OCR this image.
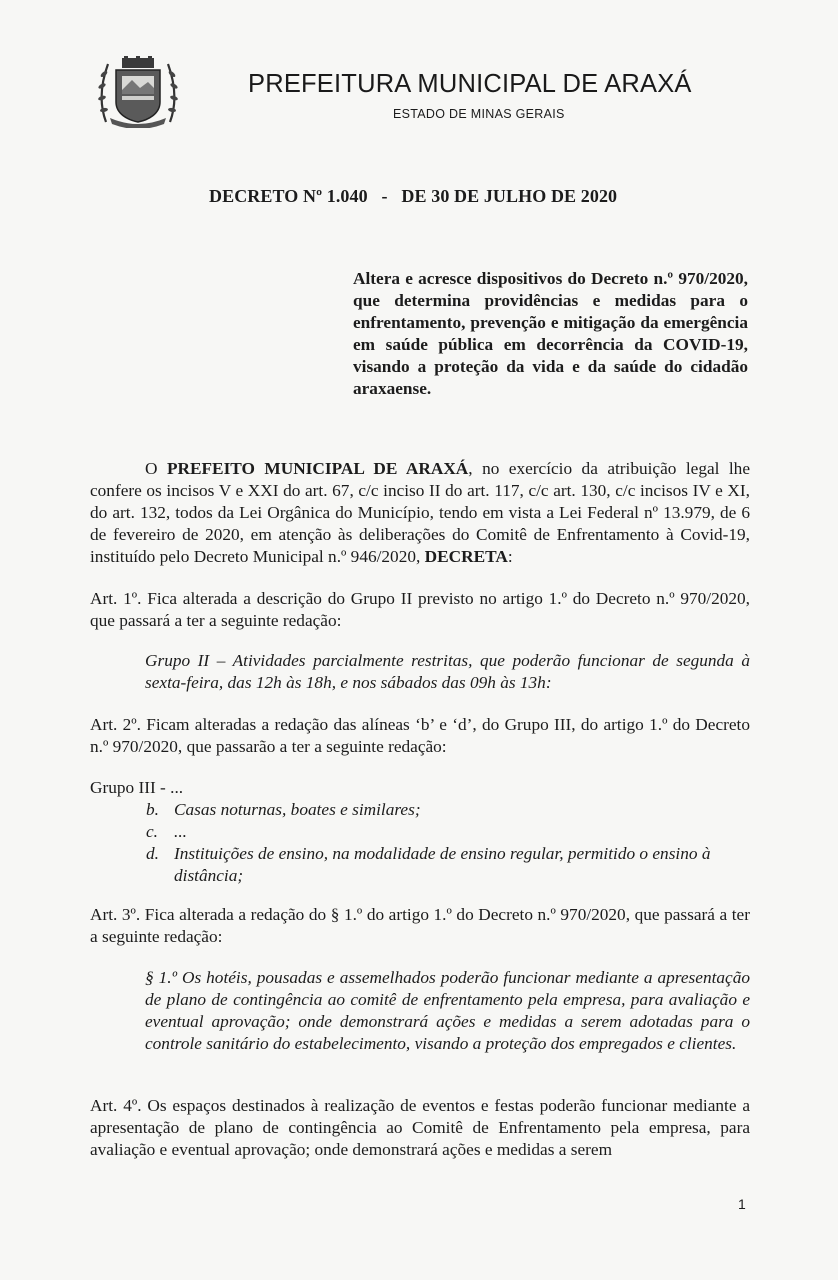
PREFEITURA MUNICIPAL DE ARAXÁ
ESTADO DE MINAS GERAIS
DECRETO Nº 1.040   -   DE 30 DE JULHO DE 2020
Altera e acresce dispositivos do Decreto n.º 970/2020, que determina providências e medidas para o enfrentamento, prevenção e mitigação da emergência em saúde pública em decorrência da COVID-19, visando a proteção da vida e da saúde do cidadão araxaense.
O PREFEITO MUNICIPAL DE ARAXÁ, no exercício da atribuição legal lhe confere os incisos V e XXI do art. 67, c/c inciso II do art. 117, c/c art. 130, c/c incisos IV e XI, do art. 132, todos da Lei Orgânica do Município, tendo em vista a Lei Federal nº 13.979, de 6 de fevereiro de 2020, em atenção às deliberações do Comitê de Enfrentamento à Covid-19, instituído pelo Decreto Municipal n.º 946/2020, DECRETA:
Art. 1º. Fica alterada a descrição do Grupo II previsto no artigo 1.º do Decreto n.º 970/2020, que passará a ter a seguinte redação:
Grupo II – Atividades parcialmente restritas, que poderão funcionar de segunda à sexta-feira, das 12h às 18h, e nos sábados das 09h às 13h:
Art. 2º. Ficam alteradas a redação das alíneas ‘b’ e ‘d’, do Grupo III, do artigo 1.º do Decreto n.º 970/2020, que passarão a ter a seguinte redação:
Grupo III - ...
b. Casas noturnas, boates e similares;
c. ...
d. Instituições de ensino, na modalidade de ensino regular, permitido o ensino à distância;
Art. 3º. Fica alterada a redação do § 1.º do artigo 1.º do Decreto n.º 970/2020, que passará a ter a seguinte redação:
§ 1.º Os hotéis, pousadas e assemelhados poderão funcionar mediante a apresentação de plano de contingência ao comitê de enfrentamento pela empresa, para avaliação e eventual aprovação; onde demonstrará ações e medidas a serem adotadas para o controle sanitário do estabelecimento, visando a proteção dos empregados e clientes.
Art. 4º. Os espaços destinados à realização de eventos e festas poderão funcionar mediante a apresentação de plano de contingência ao Comitê de Enfrentamento pela empresa, para avaliação e eventual aprovação; onde demonstrará ações e medidas a serem
1
